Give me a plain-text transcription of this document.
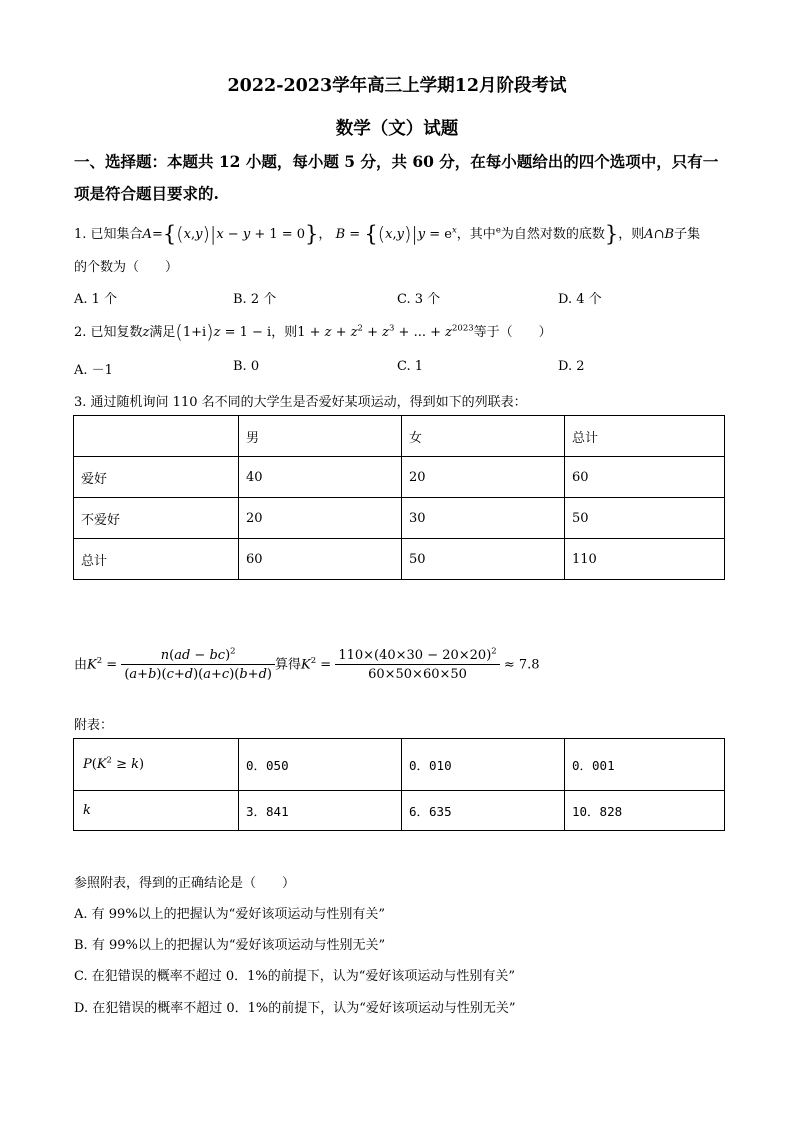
2022-2023学年高三上学期12月阶段考试
数学（文）试题
一、选择题：本题共 12 小题，每小题 5 分，共 60 分，在每小题给出的四个选项中，只有一
项是符合题目要求的.
1. 已知集合A={(x,y)|x − y + 1 = 0}， $B = \{(x,y)|y = e^x$，其中$^e$为自然对数的底数}，则A∩B子集
的个数为（　　）
A. 1 个	B. 2 个	C. 3 个	D. 4 个
2. 已知复数z满足(1+i)z = 1 − i，则$1 + z + z^2 + z^3$ + ... + $z^{2023}$等于（　　）
A. －1	B. 0	C. 1	D. 2
3. 通过随机询问 110 名不同的大学生是否爱好某项运动，得到如下的列联表：
	男	女	总计
爱好	40	20	60
不爱好	20	30	50
总计	60	50	110
由$K^2 = \frac{n(ad - bc)^2}{(a+b)(c+d)(a+c)(b+d)}$ 算得$K^2 = \frac{110\times(40\times 30 - 20\times 20)^2}{60\times 50\times 60\times 50} \approx 7.8$
附表：
$P(K^2 \ge k)$	0．050	0．010	0．001
k	3．841	6．635	10．828
参照附表，得到的正确结论是（　　）
A. 有 99%以上的把握认为“爱好该项运动与性别有关”
B. 有 99%以上的把握认为“爱好该项运动与性别无关”
C. 在犯错误的概率不超过 0．1%的前提下，认为“爱好该项运动与性别有关”
D. 在犯错误的概率不超过 0．1%的前提下，认为“爱好该项运动与性别无关”
